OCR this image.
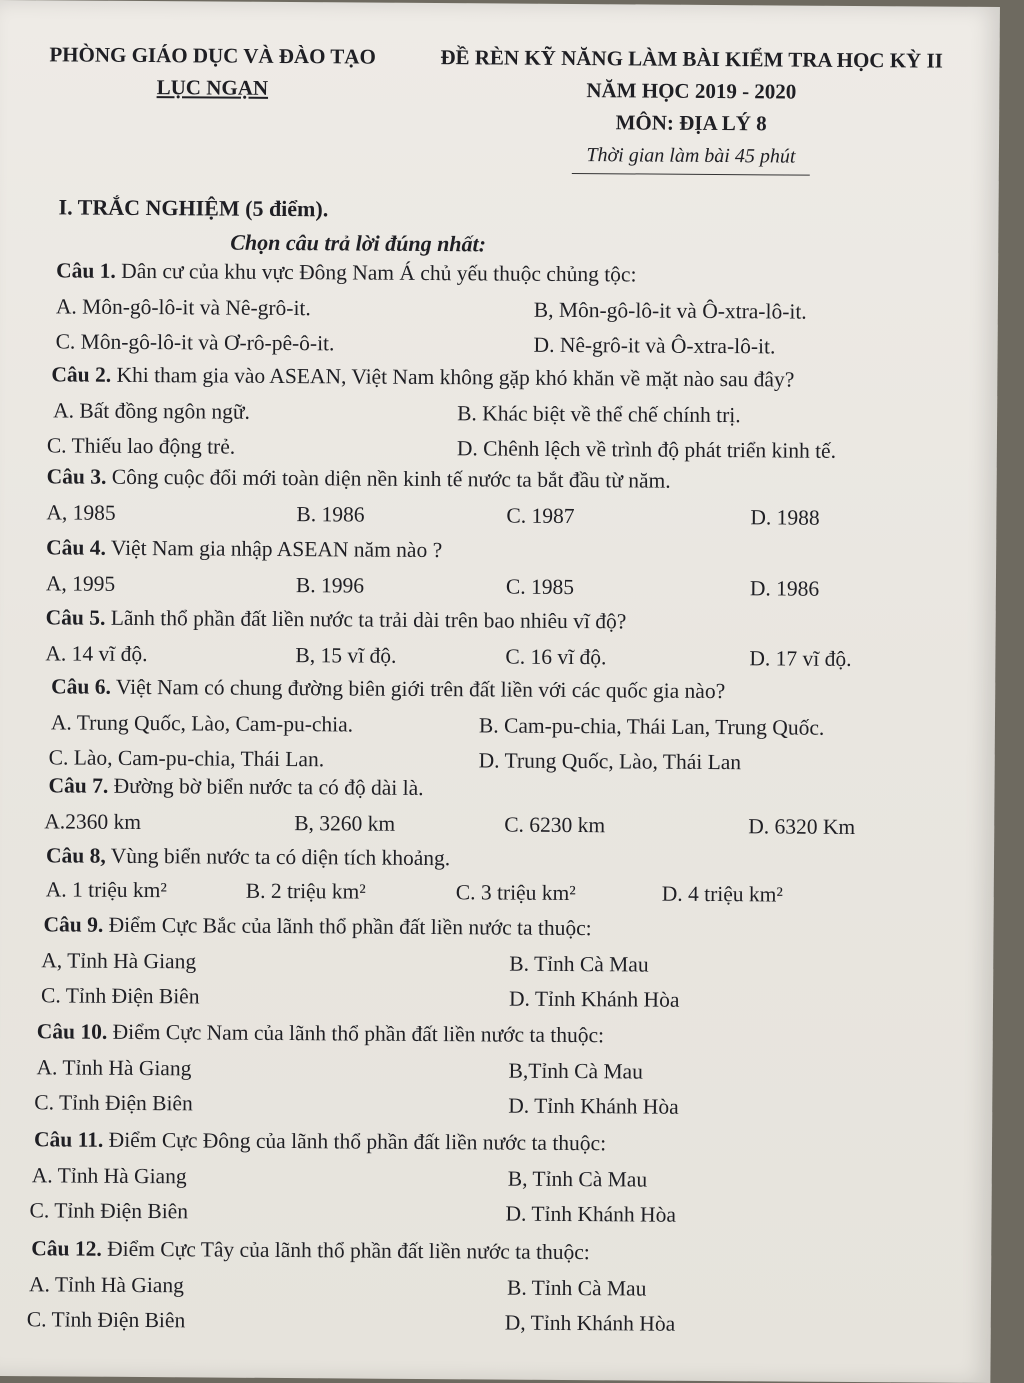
PHÒNG GIÁO DỤC VÀ ĐÀO TẠO
LỤC NGẠN
ĐỀ RÈN KỸ NĂNG LÀM BÀI KIỂM TRA HỌC KỲ II
NĂM HỌC 2019 - 2020
MÔN: ĐỊA LÝ 8
Thời gian làm bài 45 phút
I. TRẮC NGHIỆM (5 điểm).
Chọn câu trả lời đúng nhất:
Câu 1. Dân cư của khu vực Đông Nam Á chủ yếu thuộc chủng tộc:
A. Môn-gô-lô-it và Nê-grô-it.	B, Môn-gô-lô-it và Ô-xtra-lô-it.
C. Môn-gô-lô-it và Ơ-rô-pê-ô-it.	D. Nê-grô-it và Ô-xtra-lô-it.
Câu 2. Khi tham gia vào ASEAN, Việt Nam không gặp khó khăn về mặt nào sau đây?
A. Bất đồng ngôn ngữ.	B. Khác biệt về thể chế chính trị.
C. Thiếu lao động trẻ.	D. Chênh lệch về trình độ phát triển kinh tế.
Câu 3. Công cuộc đổi mới toàn diện nền kinh tế nước ta bắt đầu từ năm.
A, 1985	B. 1986	C. 1987	D. 1988
Câu 4. Việt Nam gia nhập ASEAN năm nào ?
A, 1995	B. 1996	C. 1985	D. 1986
Câu 5. Lãnh thổ phần đất liền nước ta trải dài trên bao nhiêu vĩ độ?
A. 14 vĩ độ.	B, 15 vĩ độ.	C. 16 vĩ độ.	D. 17 vĩ độ.
Câu 6. Việt Nam có chung đường biên giới trên đất liền với các quốc gia nào?
A. Trung Quốc, Lào, Cam-pu-chia.	B. Cam-pu-chia, Thái Lan, Trung Quốc.
C. Lào, Cam-pu-chia, Thái Lan.	D. Trung Quốc, Lào, Thái Lan
Câu 7. Đường bờ biển nước ta có độ dài là.
A.2360 km	B, 3260 km	C. 6230 km	D. 6320 Km
Câu 8, Vùng biển nước ta có diện tích khoảng.
A. 1 triệu km²	B. 2 triệu km²	C. 3 triệu km²	D. 4 triệu km²
Câu 9. Điểm Cực Bắc của lãnh thổ phần đất liền nước ta thuộc:
A, Tỉnh Hà Giang	B. Tỉnh Cà Mau
C. Tỉnh Điện Biên	D. Tỉnh Khánh Hòa
Câu 10. Điểm Cực Nam của lãnh thổ phần đất liền nước ta thuộc:
A. Tỉnh Hà Giang	B,Tỉnh Cà Mau
C. Tỉnh Điện Biên	D. Tỉnh Khánh Hòa
Câu 11. Điểm Cực Đông của lãnh thổ phần đất liền nước ta thuộc:
A. Tỉnh Hà Giang	B, Tỉnh Cà Mau
C. Tỉnh Điện Biên	D. Tỉnh Khánh Hòa
Câu 12. Điểm Cực Tây của lãnh thổ phần đất liền nước ta thuộc:
A. Tỉnh Hà Giang	B. Tỉnh Cà Mau
C. Tỉnh Điện Biên	D, Tỉnh Khánh Hòa
